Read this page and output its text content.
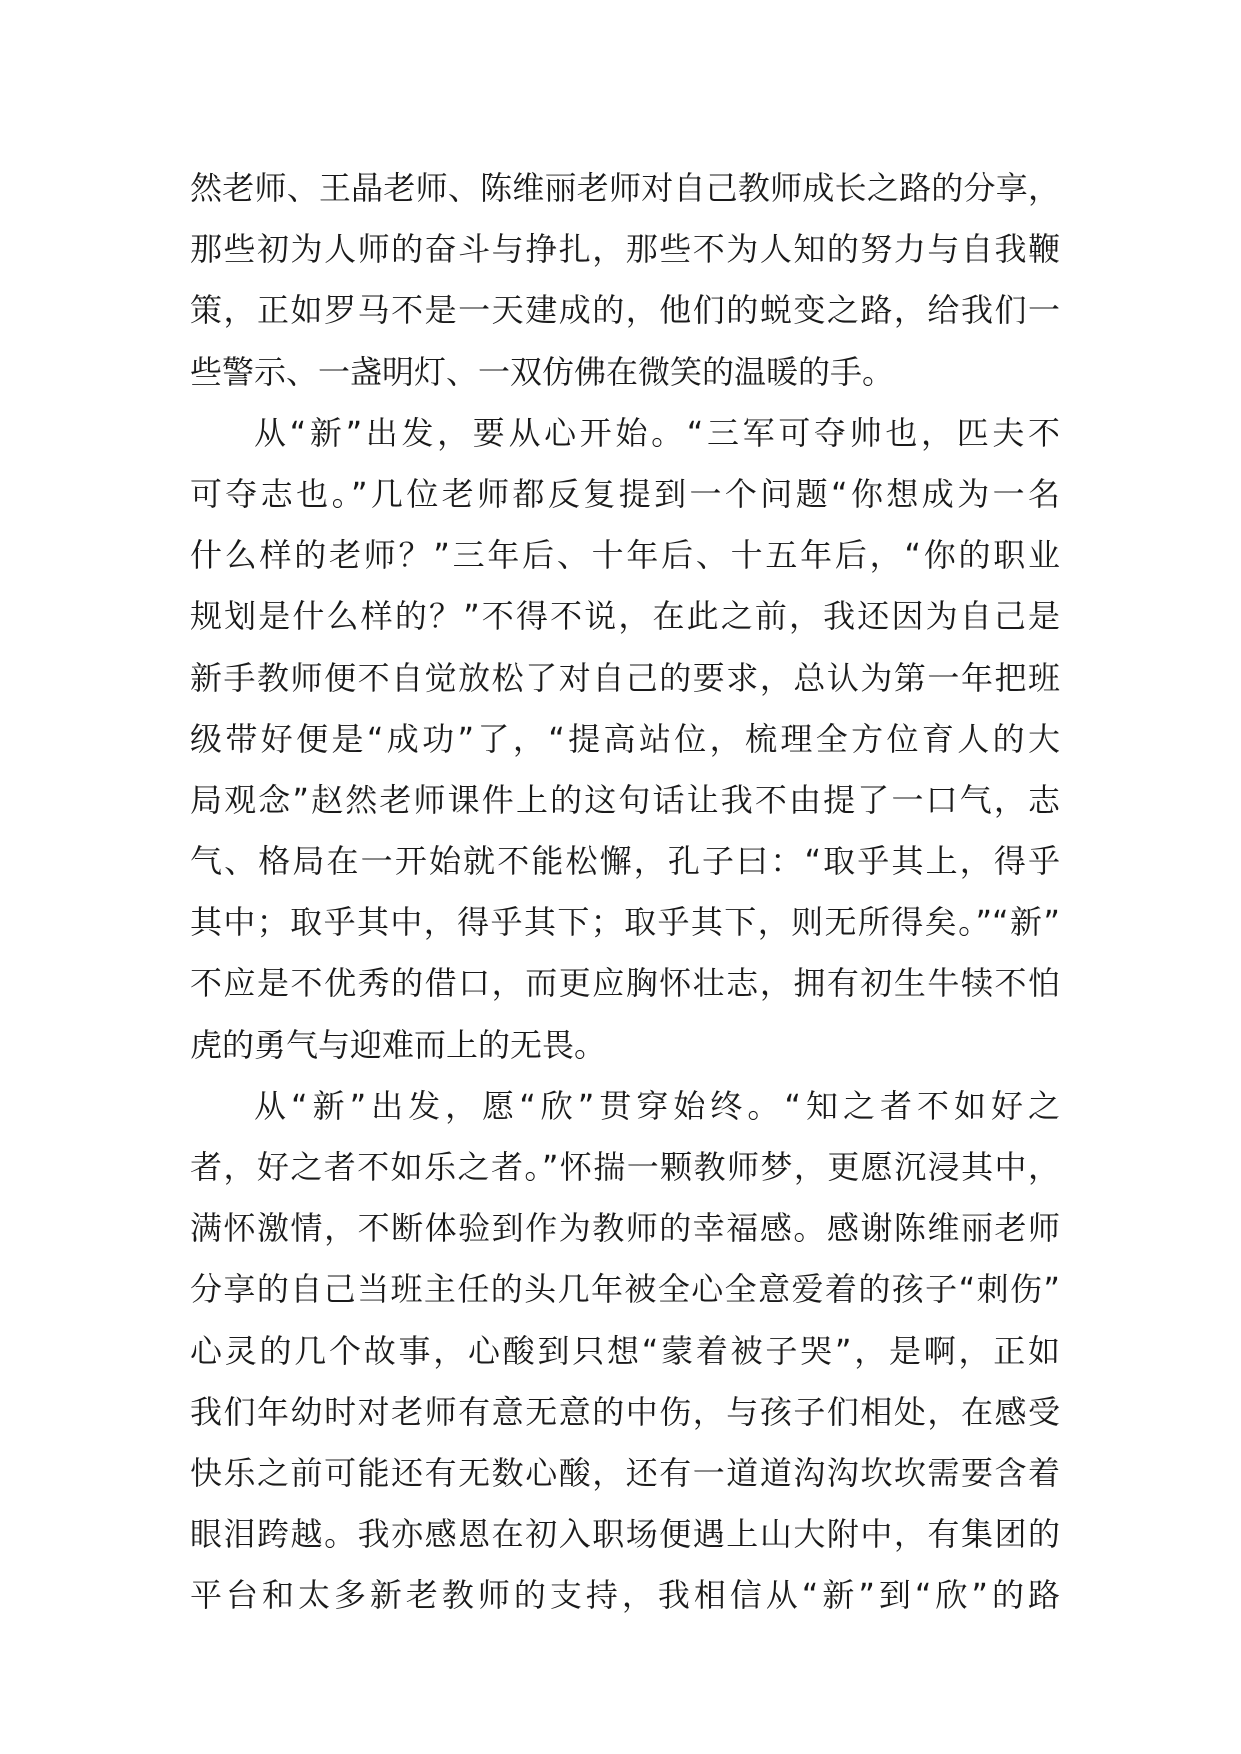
然老师、王晶老师、陈维丽老师对自己教师成长之路的分享，
那些初为人师的奋斗与挣扎，那些不为人知的努力与自我鞭
策，正如罗马不是一天建成的，他们的蜕变之路，给我们一
些警示、一盏明灯、一双仿佛在微笑的温暖的手。
从“新”出发，要从心开始。“三军可夺帅也，匹夫不
可夺志也。”几位老师都反复提到一个问题“你想成为一名
什么样的老师？”三年后、十年后、十五年后，“你的职业
规划是什么样的？”不得不说，在此之前，我还因为自己是
新手教师便不自觉放松了对自己的要求，总认为第一年把班
级带好便是“成功”了，“提高站位，梳理全方位育人的大
局观念”赵然老师课件上的这句话让我不由提了一口气，志
气、格局在一开始就不能松懈，孔子曰：“取乎其上，得乎
其中；取乎其中，得乎其下；取乎其下，则无所得矣。”“新”
不应是不优秀的借口，而更应胸怀壮志，拥有初生牛犊不怕
虎的勇气与迎难而上的无畏。
从“新”出发，愿“欣”贯穿始终。“知之者不如好之
者，好之者不如乐之者。”怀揣一颗教师梦，更愿沉浸其中，
满怀激情，不断体验到作为教师的幸福感。感谢陈维丽老师
分享的自己当班主任的头几年被全心全意爱着的孩子“刺伤”
心灵的几个故事，心酸到只想“蒙着被子哭”，是啊，正如
我们年幼时对老师有意无意的中伤，与孩子们相处，在感受
快乐之前可能还有无数心酸，还有一道道沟沟坎坎需要含着
眼泪跨越。我亦感恩在初入职场便遇上山大附中，有集团的
平台和太多新老教师的支持，我相信从“新”到“欣”的路
